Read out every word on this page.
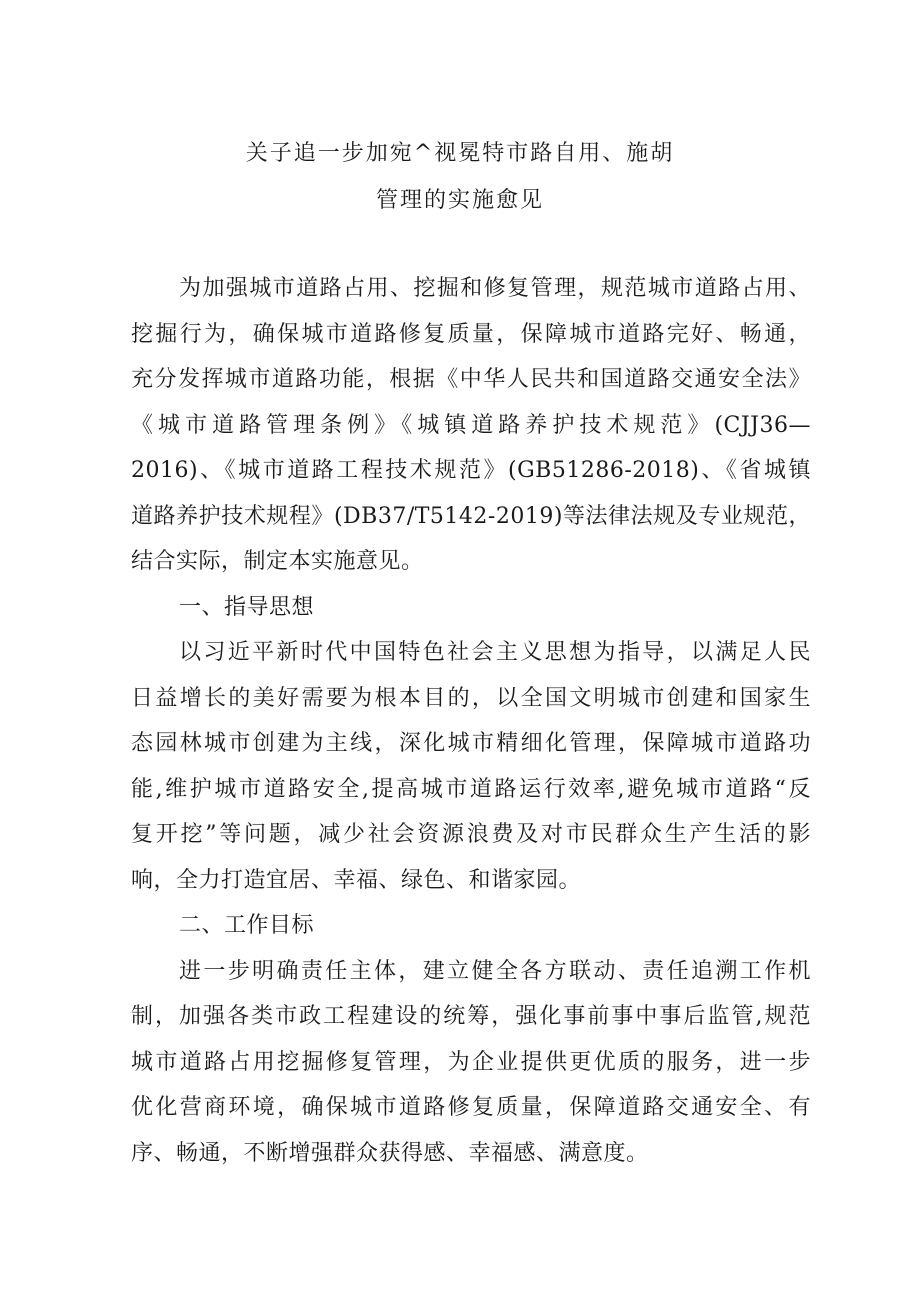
关子追一步加宛^视冕特市路自用、施胡
管理的实施愈见
为加强城市道路占用、挖掘和修复管理，规范城市道路占用、
挖掘行为，确保城市道路修复质量，保障城市道路完好、畅通，
充分发挥城市道路功能，根据《中华人民共和国道路交通安全法》
《城市道路管理条例》《城镇道路养护技术规范》(CJJ36—
2016)、《城市道路工程技术规范》(GB51286-2018)、《省城镇
道路养护技术规程》(DB37/T5142-2019)等法律法规及专业规范，
结合实际，制定本实施意见。
一、指导思想
以习近平新时代中国特色社会主义思想为指导，以满足人民
日益增长的美好需要为根本目的，以全国文明城市创建和国家生
态园林城市创建为主线，深化城市精细化管理，保障城市道路功
能,维护城市道路安全,提高城市道路运行效率,避免城市道路“反
复开挖”等问题，减少社会资源浪费及对市民群众生产生活的影
响，全力打造宜居、幸福、绿色、和谐家园。
二、工作目标
进一步明确责任主体，建立健全各方联动、责任追溯工作机
制，加强各类市政工程建设的统筹，强化事前事中事后监管,规范
城市道路占用挖掘修复管理，为企业提供更优质的服务，进一步
优化营商环境，确保城市道路修复质量，保障道路交通安全、有
序、畅通，不断增强群众获得感、幸福感、满意度。
